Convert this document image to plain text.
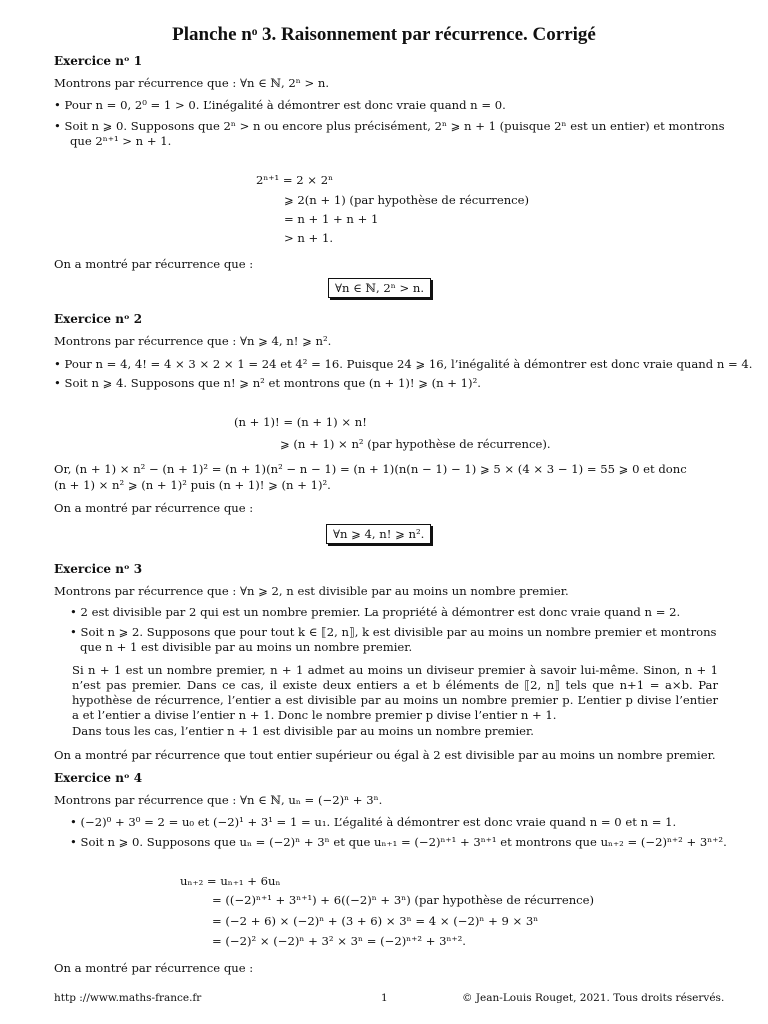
Planche nᵒ 3. Raisonnement par récurrence. Corrigé
Exercice nᵒ 1
Montrons par récurrence que : ∀n ∈ ℕ, 2ⁿ > n.
• Pour n = 0, 2⁰ = 1 > 0. L’inégalité à démontrer est donc vraie quand n = 0.
• Soit n ⩾ 0. Supposons que 2ⁿ > n ou encore plus précisément, 2ⁿ ⩾ n + 1 (puisque 2ⁿ est un entier) et montrons
que 2ⁿ⁺¹ > n + 1.
2ⁿ⁺¹ = 2 × 2ⁿ
⩾ 2(n + 1) (par hypothèse de récurrence)
= n + 1 + n + 1
> n + 1.
On a montré par récurrence que :
∀n ∈ ℕ, 2ⁿ > n.
Exercice nᵒ 2
Montrons par récurrence que : ∀n ⩾ 4, n! ⩾ n².
• Pour n = 4, 4! = 4 × 3 × 2 × 1 = 24 et 4² = 16. Puisque 24 ⩾ 16, l’inégalité à démontrer est donc vraie quand n = 4.
• Soit n ⩾ 4. Supposons que n! ⩾ n² et montrons que (n + 1)! ⩾ (n + 1)².
(n + 1)! = (n + 1) × n!
⩾ (n + 1) × n² (par hypothèse de récurrence).
Or, (n + 1) × n² − (n + 1)² = (n + 1)(n² − n − 1) = (n + 1)(n(n − 1) − 1) ⩾ 5 × (4 × 3 − 1) = 55 ⩾ 0 et donc
(n + 1) × n² ⩾ (n + 1)² puis (n + 1)! ⩾ (n + 1)².
On a montré par récurrence que :
∀n ⩾ 4, n! ⩾ n².
Exercice nᵒ 3
Montrons par récurrence que : ∀n ⩾ 2, n est divisible par au moins un nombre premier.
• 2 est divisible par 2 qui est un nombre premier. La propriété à démontrer est donc vraie quand n = 2.
• Soit n ⩾ 2. Supposons que pour tout k ∈ ⟦2, n⟧, k est divisible par au moins un nombre premier et montrons
que n + 1 est divisible par au moins un nombre premier.
Si n + 1 est un nombre premier, n + 1 admet au moins un diviseur premier à savoir lui-même. Sinon, n + 1 n’est pas premier. Dans ce cas, il existe deux entiers a et b éléments de ⟦2, n⟧ tels que n+1 = a×b. Par hypothèse de récurrence, l’entier a est divisible par au moins un nombre premier p. L’entier p divise l’entier a et l’entier a divise l’entier n + 1. Donc le nombre premier p divise l’entier n + 1.
Dans tous les cas, l’entier n + 1 est divisible par au moins un nombre premier.
On a montré par récurrence que tout entier supérieur ou égal à 2 est divisible par au moins un nombre premier.
Exercice nᵒ 4
Montrons par récurrence que : ∀n ∈ ℕ, uₙ = (−2)ⁿ + 3ⁿ.
• (−2)⁰ + 3⁰ = 2 = u₀ et (−2)¹ + 3¹ = 1 = u₁. L’égalité à démontrer est donc vraie quand n = 0 et n = 1.
• Soit n ⩾ 0. Supposons que uₙ = (−2)ⁿ + 3ⁿ et que uₙ₊₁ = (−2)ⁿ⁺¹ + 3ⁿ⁺¹ et montrons que uₙ₊₂ = (−2)ⁿ⁺² + 3ⁿ⁺².
uₙ₊₂ = uₙ₊₁ + 6uₙ
= ((−2)ⁿ⁺¹ + 3ⁿ⁺¹) + 6((−2)ⁿ + 3ⁿ) (par hypothèse de récurrence)
= (−2 + 6) × (−2)ⁿ + (3 + 6) × 3ⁿ = 4 × (−2)ⁿ + 9 × 3ⁿ
= (−2)² × (−2)ⁿ + 3² × 3ⁿ = (−2)ⁿ⁺² + 3ⁿ⁺².
On a montré par récurrence que :
http ://www.maths-france.fr	1	© Jean-Louis Rouget, 2021. Tous droits réservés.
